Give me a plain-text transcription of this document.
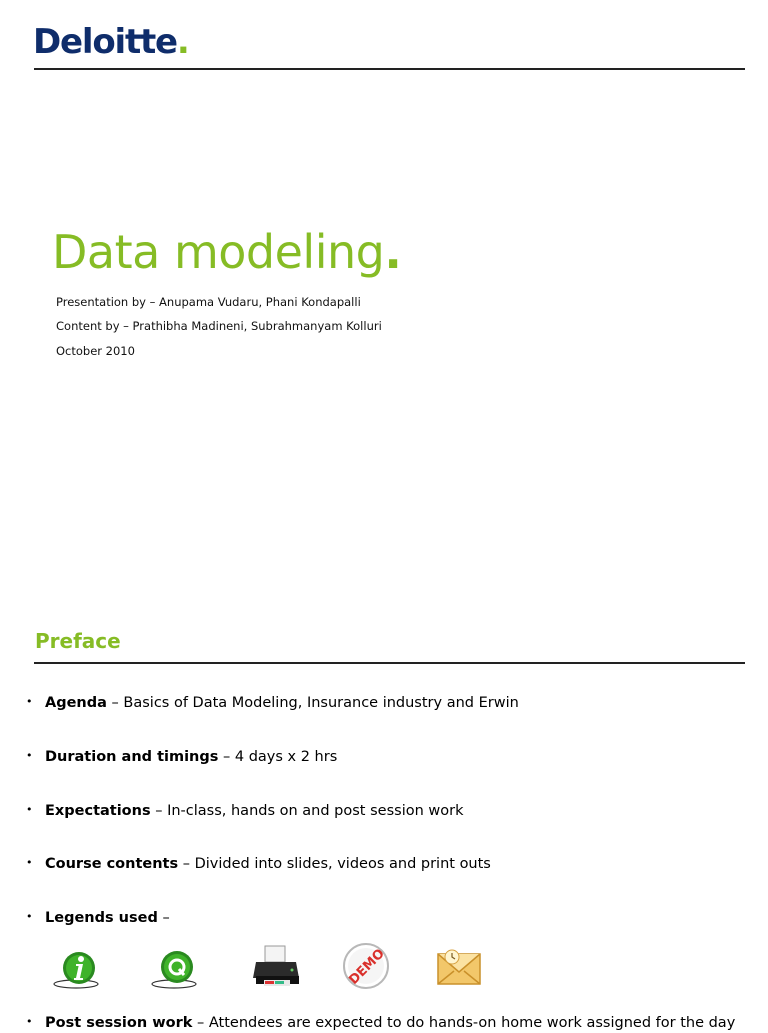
Deloitte.
Data modeling.
Presentation by – Anupama Vudaru, Phani Kondapalli
Content by – Prathibha Madineni, Subrahmanyam Kolluri
October 2010
Preface
• Agenda – Basics of Data Modeling, Insurance industry and Erwin
• Duration and timings – 4 days x 2 hrs
• Expectations – In-class, hands on and post session work
• Course contents – Divided into slides, videos and print outs
• Legends used –
• Post session work – Attendees are expected to do hands-on home work assigned for the day
DEMO
